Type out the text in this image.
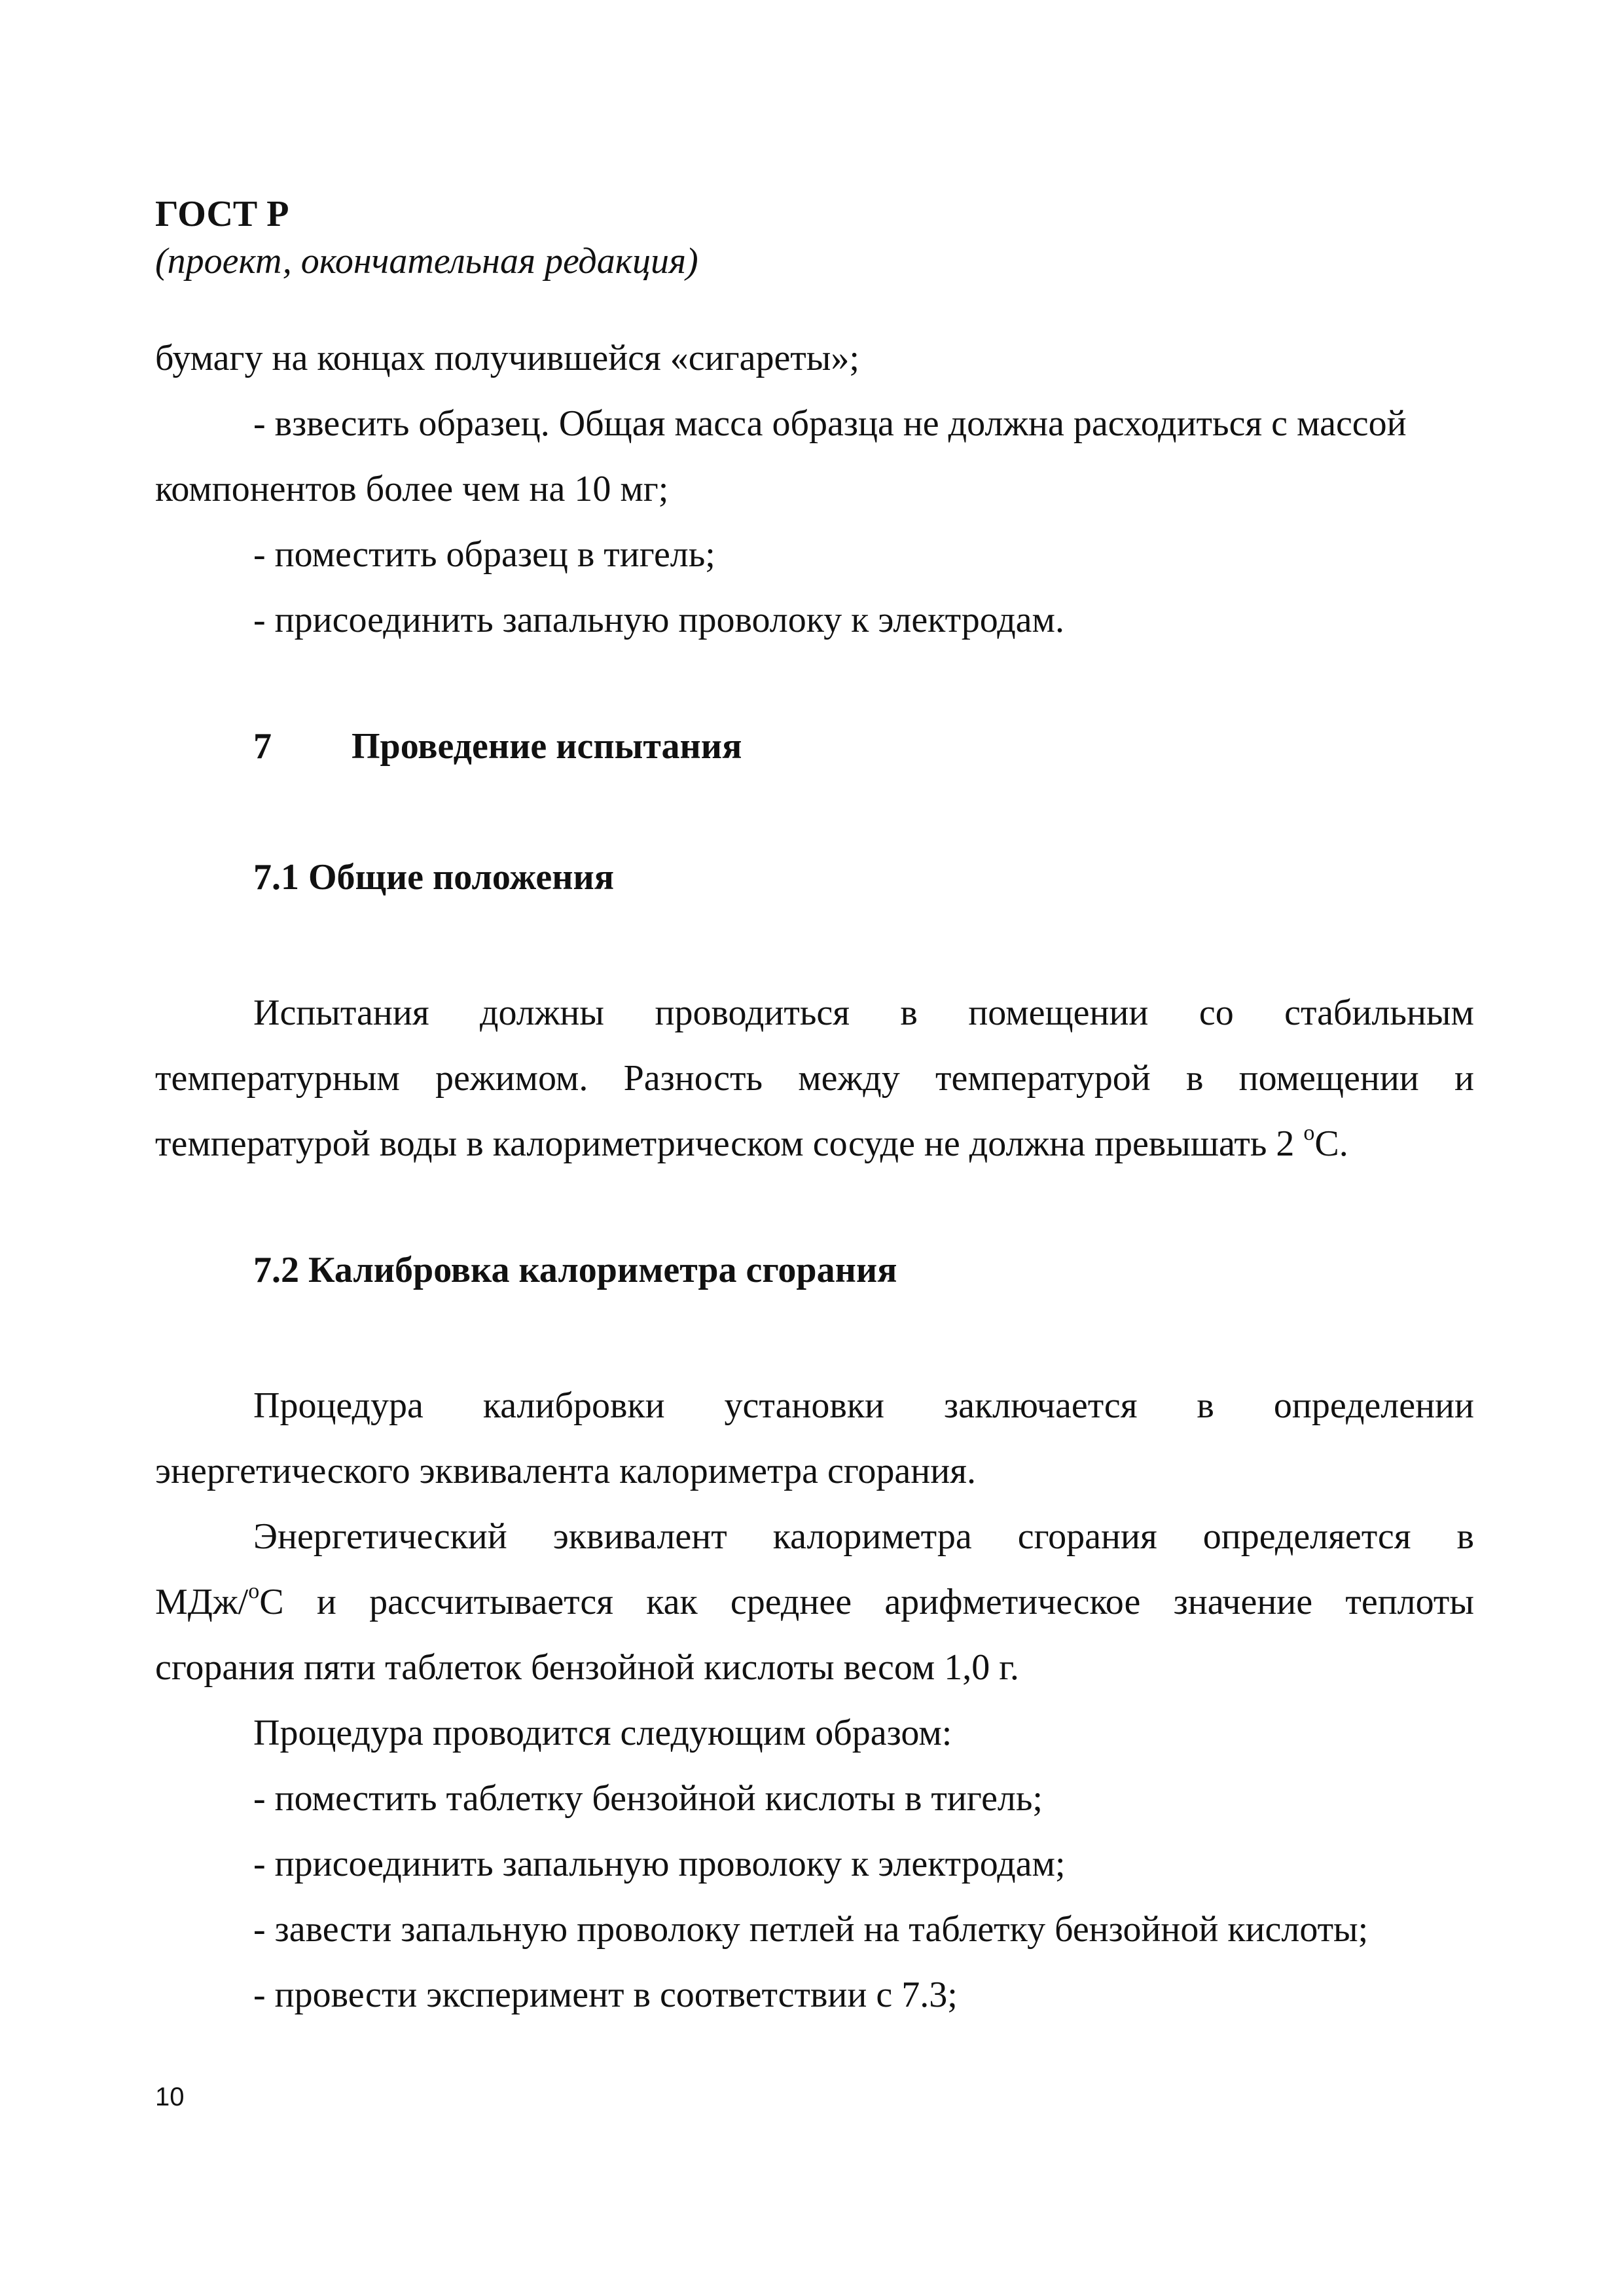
ГОСТ Р
(проект, окончательная редакция)
бумагу на концах получившейся «сигареты»;
- взвесить образец. Общая масса образца не должна расходиться с массой
компонентов более чем на 10 мг;
- поместить образец в тигель;
- присоединить запальную проволоку к электродам.
7 Проведение испытания
7.1 Общие положения
Испытания должны проводиться в помещении со стабильным
температурным режимом. Разность между температурой в помещении и
температурой воды в калориметрическом сосуде не должна превышать 2 $^o$С.
7.2 Калибровка калориметра сгорания
Процедура калибровки установки заключается в определении
энергетического эквивалента калориметра сгорания.
Энергетический эквивалент калориметра сгорания определяется в
МДж/$^o$С и рассчитывается как среднее арифметическое значение теплоты
сгорания пяти таблеток бензойной кислоты весом 1,0 г.
Процедура проводится следующим образом:
- поместить таблетку бензойной кислоты в тигель;
- присоединить запальную проволоку к электродам;
- завести запальную проволоку петлей на таблетку бензойной кислоты;
- провести эксперимент в соответствии с 7.3;
10
